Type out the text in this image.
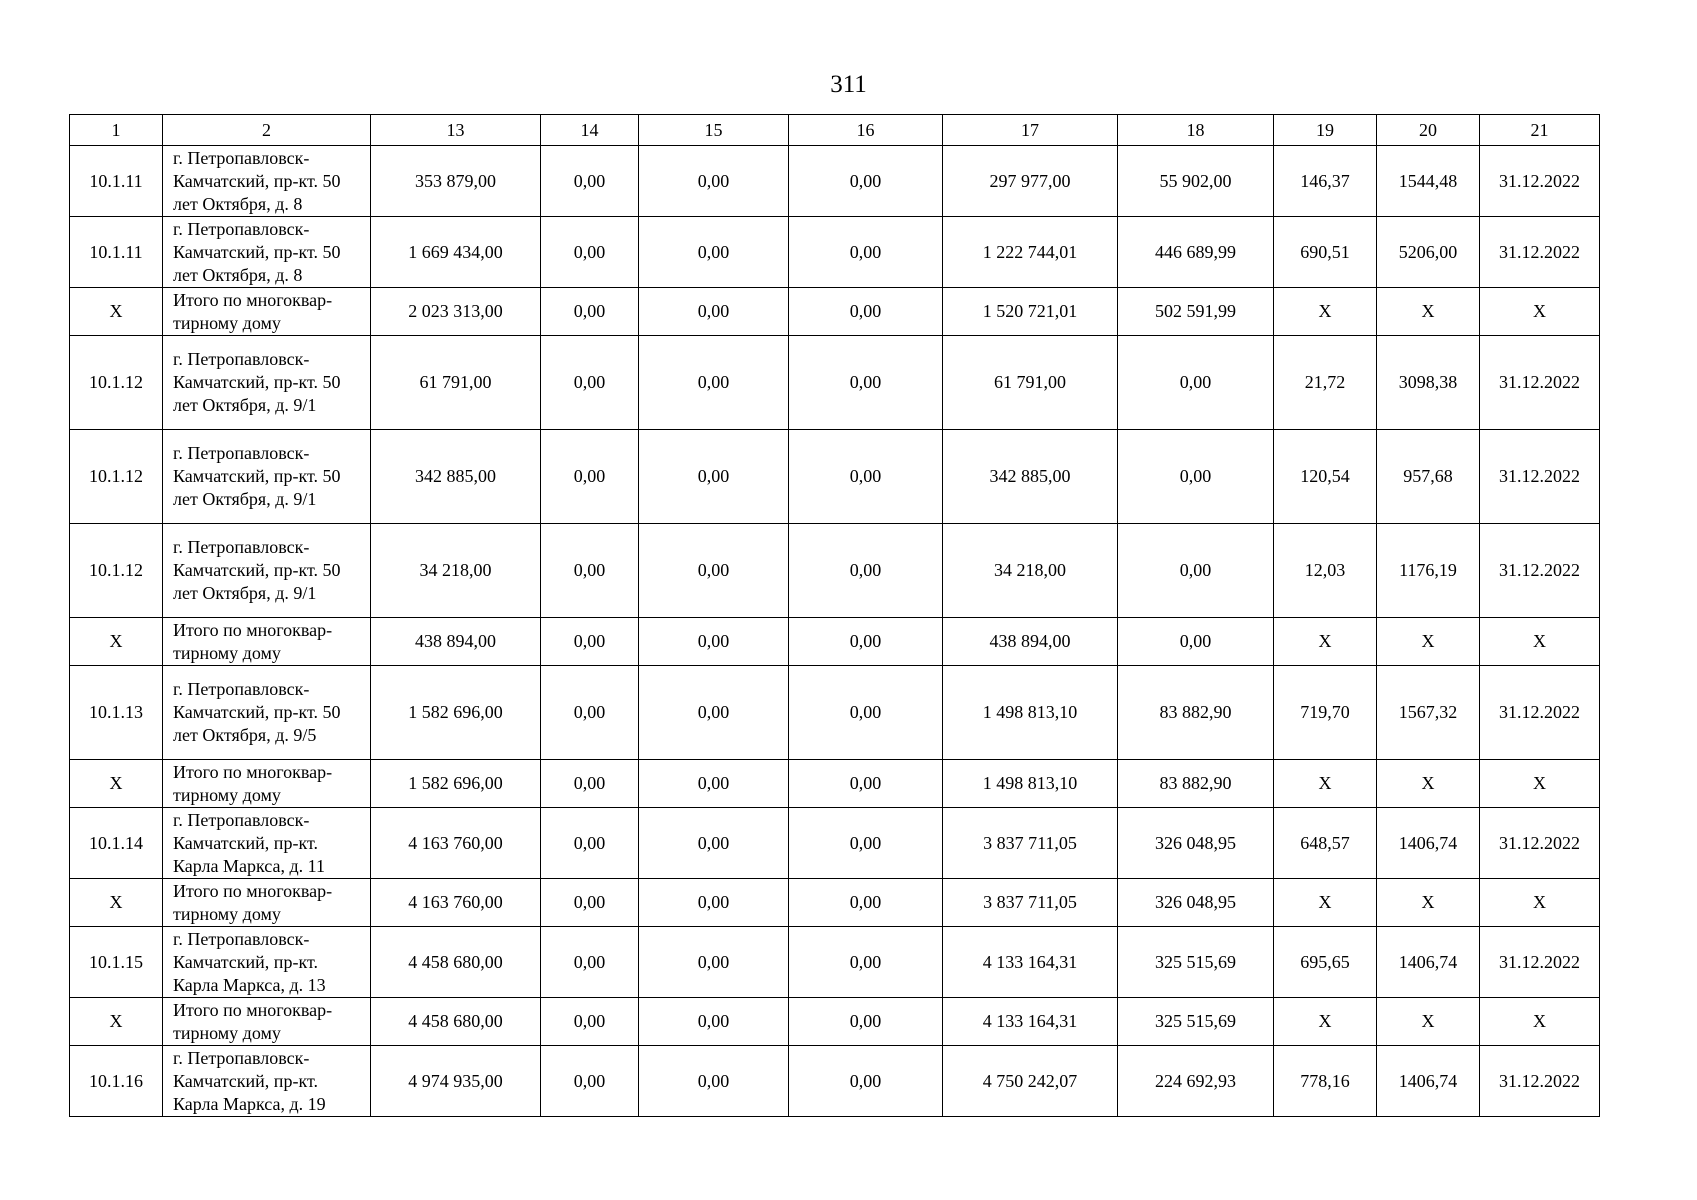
311
1	2	13	14	15	16	17	18	19	20	21
10.1.11	г. Петропавловск-Камчатский, пр-кт. 50 лет Октября, д. 8	353 879,00	0,00	0,00	0,00	297 977,00	55 902,00	146,37	1544,48	31.12.2022
10.1.11	г. Петропавловск-Камчатский, пр-кт. 50 лет Октября, д. 8	1 669 434,00	0,00	0,00	0,00	1 222 744,01	446 689,99	690,51	5206,00	31.12.2022
X	Итого по многоквар-тирному дому	2 023 313,00	0,00	0,00	0,00	1 520 721,01	502 591,99	X	X	X
10.1.12	г. Петропавловск-Камчатский, пр-кт. 50 лет Октября, д. 9/1	61 791,00	0,00	0,00	0,00	61 791,00	0,00	21,72	3098,38	31.12.2022
10.1.12	г. Петропавловск-Камчатский, пр-кт. 50 лет Октября, д. 9/1	342 885,00	0,00	0,00	0,00	342 885,00	0,00	120,54	957,68	31.12.2022
10.1.12	г. Петропавловск-Камчатский, пр-кт. 50 лет Октября, д. 9/1	34 218,00	0,00	0,00	0,00	34 218,00	0,00	12,03	1176,19	31.12.2022
X	Итого по многоквар-тирному дому	438 894,00	0,00	0,00	0,00	438 894,00	0,00	X	X	X
10.1.13	г. Петропавловск-Камчатский, пр-кт. 50 лет Октября, д. 9/5	1 582 696,00	0,00	0,00	0,00	1 498 813,10	83 882,90	719,70	1567,32	31.12.2022
X	Итого по многоквар-тирному дому	1 582 696,00	0,00	0,00	0,00	1 498 813,10	83 882,90	X	X	X
10.1.14	г. Петропавловск-Камчатский, пр-кт. Карла Маркса, д. 11	4 163 760,00	0,00	0,00	0,00	3 837 711,05	326 048,95	648,57	1406,74	31.12.2022
X	Итого по многоквар-тирному дому	4 163 760,00	0,00	0,00	0,00	3 837 711,05	326 048,95	X	X	X
10.1.15	г. Петропавловск-Камчатский, пр-кт. Карла Маркса, д. 13	4 458 680,00	0,00	0,00	0,00	4 133 164,31	325 515,69	695,65	1406,74	31.12.2022
X	Итого по многоквар-тирному дому	4 458 680,00	0,00	0,00	0,00	4 133 164,31	325 515,69	X	X	X
10.1.16	г. Петропавловск-Камчатский, пр-кт. Карла Маркса, д. 19	4 974 935,00	0,00	0,00	0,00	4 750 242,07	224 692,93	778,16	1406,74	31.12.2022
